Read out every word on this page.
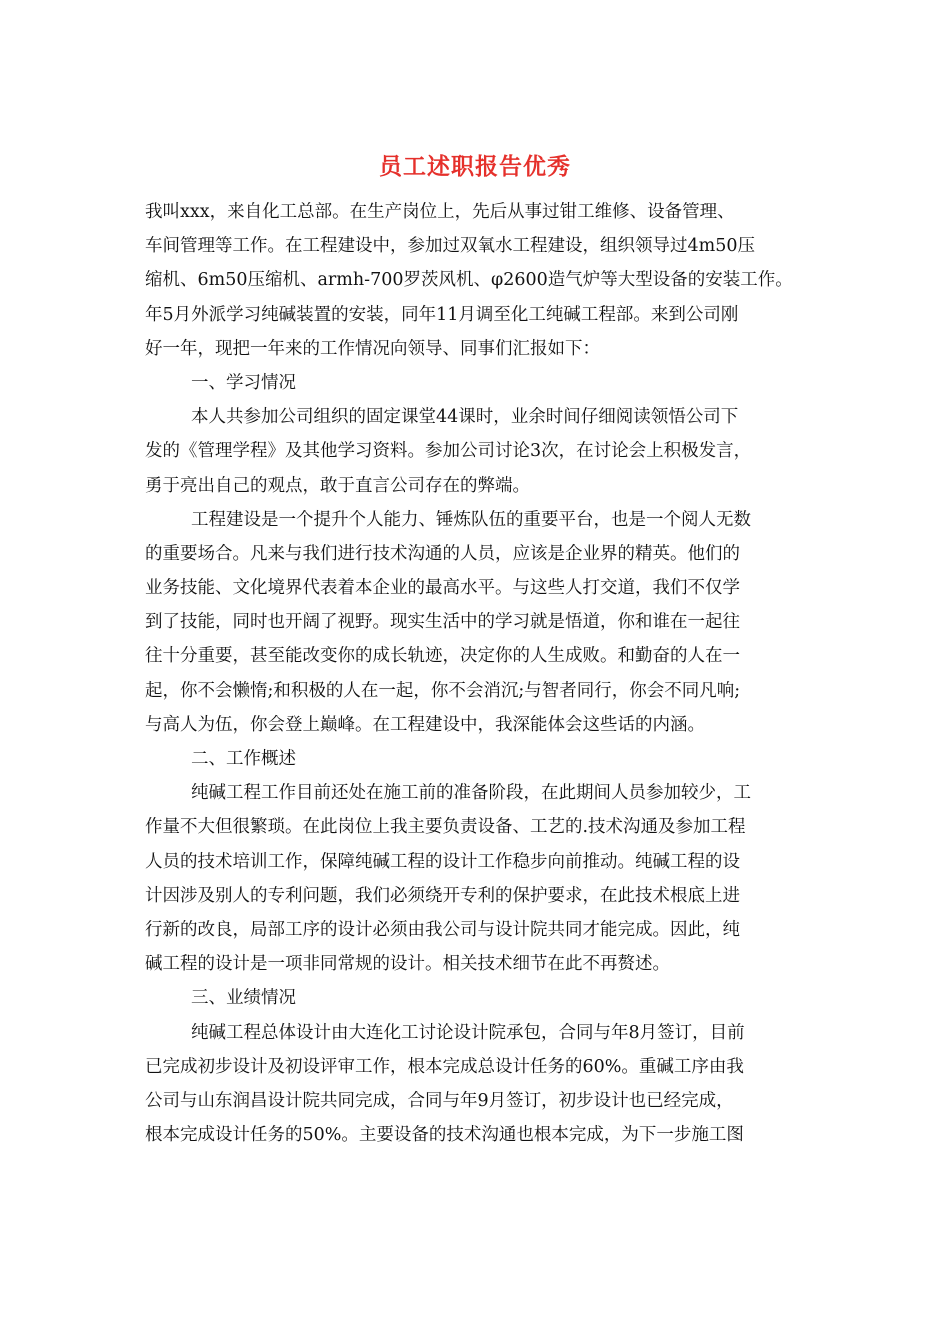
员工述职报告优秀
我叫xxx，来自化工总部。在生产岗位上，先后从事过钳工维修、设备管理、
车间管理等工作。在工程建设中，参加过双氧水工程建设，组织领导过4m50压
缩机、6m50压缩机、armh-700罗茨风机、φ2600造气炉等大型设备的安装工作。
年5月外派学习纯碱装置的安装，同年11月调至化工纯碱工程部。来到公司刚
好一年，现把一年来的工作情况向领导、同事们汇报如下：
一、学习情况
本人共参加公司组织的固定课堂44课时，业余时间仔细阅读领悟公司下
发的《管理学程》及其他学习资料。参加公司讨论3次，在讨论会上积极发言，
勇于亮出自己的观点，敢于直言公司存在的弊端。
工程建设是一个提升个人能力、锤炼队伍的重要平台，也是一个阅人无数
的重要场合。凡来与我们进行技术沟通的人员，应该是企业界的精英。他们的
业务技能、文化境界代表着本企业的最高水平。与这些人打交道，我们不仅学
到了技能，同时也开阔了视野。现实生活中的学习就是悟道，你和谁在一起往
往十分重要，甚至能改变你的成长轨迹，决定你的人生成败。和勤奋的人在一
起，你不会懒惰;和积极的人在一起，你不会消沉;与智者同行，你会不同凡响;
与高人为伍，你会登上巅峰。在工程建设中，我深能体会这些话的内涵。
二、工作概述
纯碱工程工作目前还处在施工前的准备阶段，在此期间人员参加较少，工
作量不大但很繁琐。在此岗位上我主要负责设备、工艺的.技术沟通及参加工程
人员的技术培训工作，保障纯碱工程的设计工作稳步向前推动。纯碱工程的设
计因涉及别人的专利问题，我们必须绕开专利的保护要求，在此技术根底上进
行新的改良，局部工序的设计必须由我公司与设计院共同才能完成。因此，纯
碱工程的设计是一项非同常规的设计。相关技术细节在此不再赘述。
三、业绩情况
纯碱工程总体设计由大连化工讨论设计院承包，合同与年8月签订，目前
已完成初步设计及初设评审工作，根本完成总设计任务的60%。重碱工序由我
公司与山东润昌设计院共同完成，合同与年9月签订，初步设计也已经完成，
根本完成设计任务的50%。主要设备的技术沟通也根本完成，为下一步施工图
